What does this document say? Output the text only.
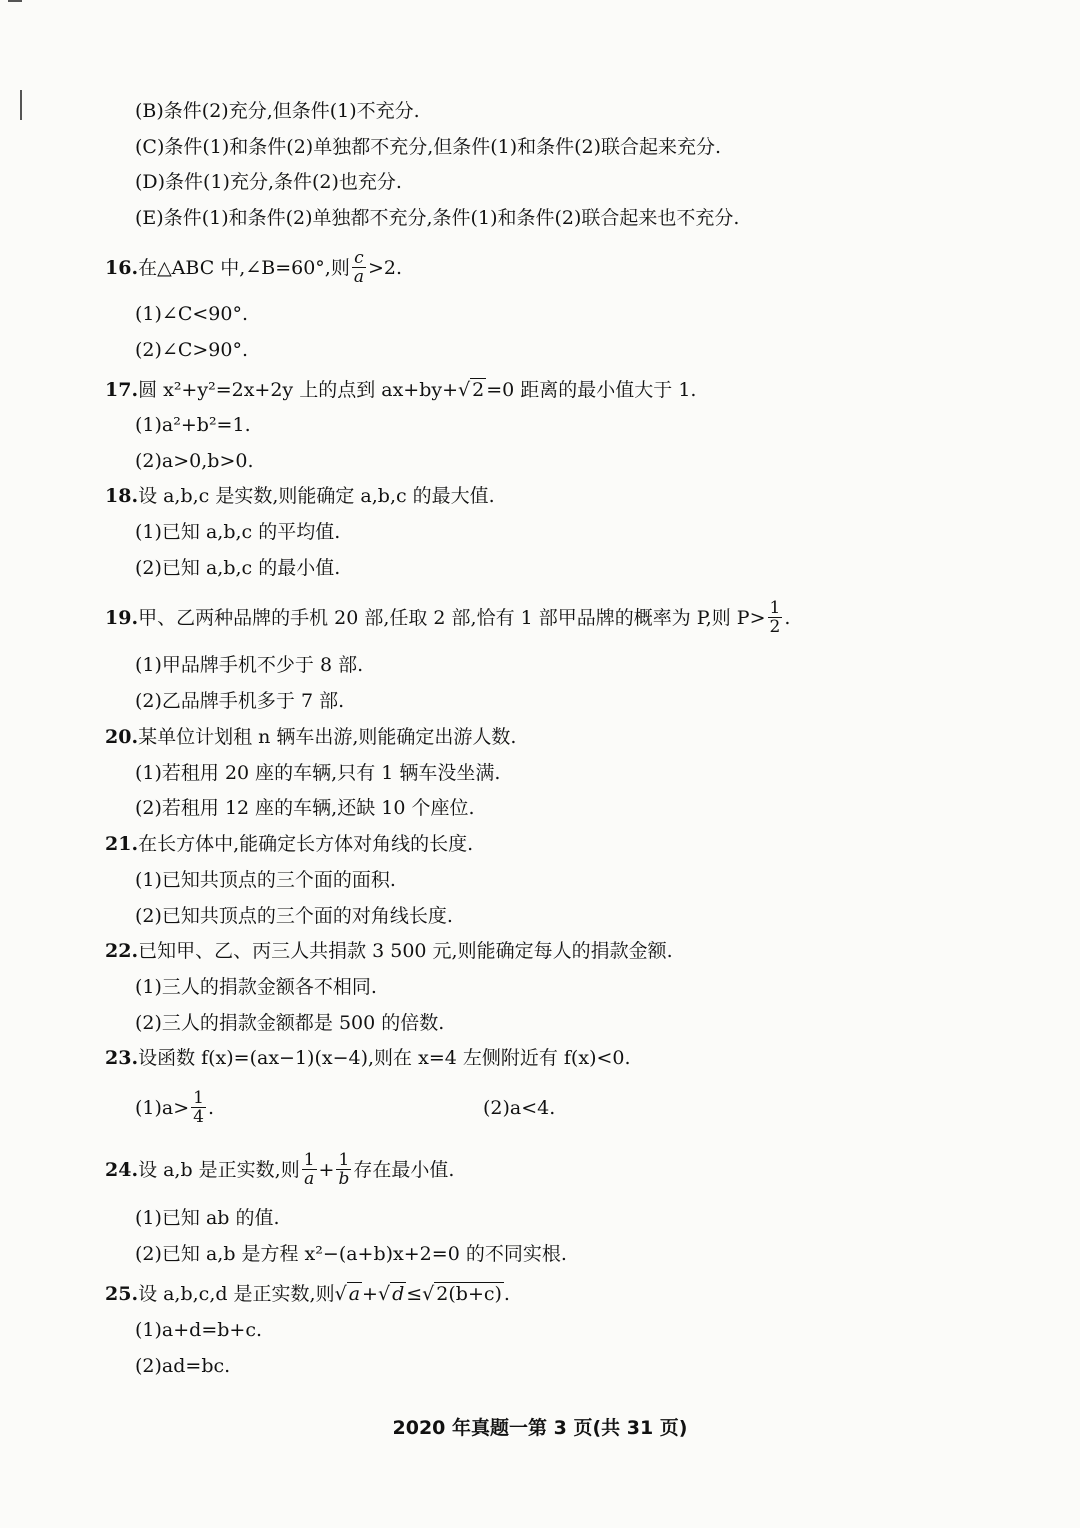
(B)条件(2)充分,但条件(1)不充分.
(C)条件(1)和条件(2)单独都不充分,但条件(1)和条件(2)联合起来充分.
(D)条件(1)充分,条件(2)也充分.
(E)条件(1)和条件(2)单独都不充分,条件(1)和条件(2)联合起来也不充分.
16.在△ABC 中,∠B=60°,则 $\frac{c}{a} >2$.
(1)∠C<90°.
(2)∠C>90°.
17.圆 x²+y²=2x+2y 上的点到 ax+by+√ 2 =0 距离的最小值大于 1.
(1)a²+b²=1.
(2)a>0,b>0.
18.设 a,b,c 是实数,则能确定 a,b,c 的最大值.
(1)已知 a,b,c 的平均值.
(2)已知 a,b,c 的最小值.
19.甲、乙两种品牌的手机 20 部,任取 2 部,恰有 1 部甲品牌的概率为 P,则 $P> \frac{1}{2}$ .
(1)甲品牌手机不少于 8 部.
(2)乙品牌手机多于 7 部.
20.某单位计划租 n 辆车出游,则能确定出游人数.
(1)若租用 20 座的车辆,只有 1 辆车没坐满.
(2)若租用 12 座的车辆,还缺 10 个座位.
21.在长方体中,能确定长方体对角线的长度.
(1)已知共顶点的三个面的面积.
(2)已知共顶点的三个面的对角线长度.
22.已知甲、乙、丙三人共捐款 3 500 元,则能确定每人的捐款金额.
(1)三人的捐款金额各不相同.
(2)三人的捐款金额都是 500 的倍数.
23.设函数 f(x)=(ax−1)(x−4),则在 x=4 左侧附近有 f(x)<0.
$(1)a> \frac{1}{4}$ .	(2)a<4.
24.设 a,b 是正实数,则 $\frac{1}{a} + \frac{1}{b}$ 存在最小值.
(1)已知 ab 的值.
(2)已知 a,b 是方程 x²−(a+b)x+2=0 的不同实根.
25.设 a,b,c,d 是正实数,则√ a +√ d ≤√ 2(b+c) .
(1)a+d=b+c.
(2)ad=bc.
2020 年真题一第 3 页(共 31 页)
